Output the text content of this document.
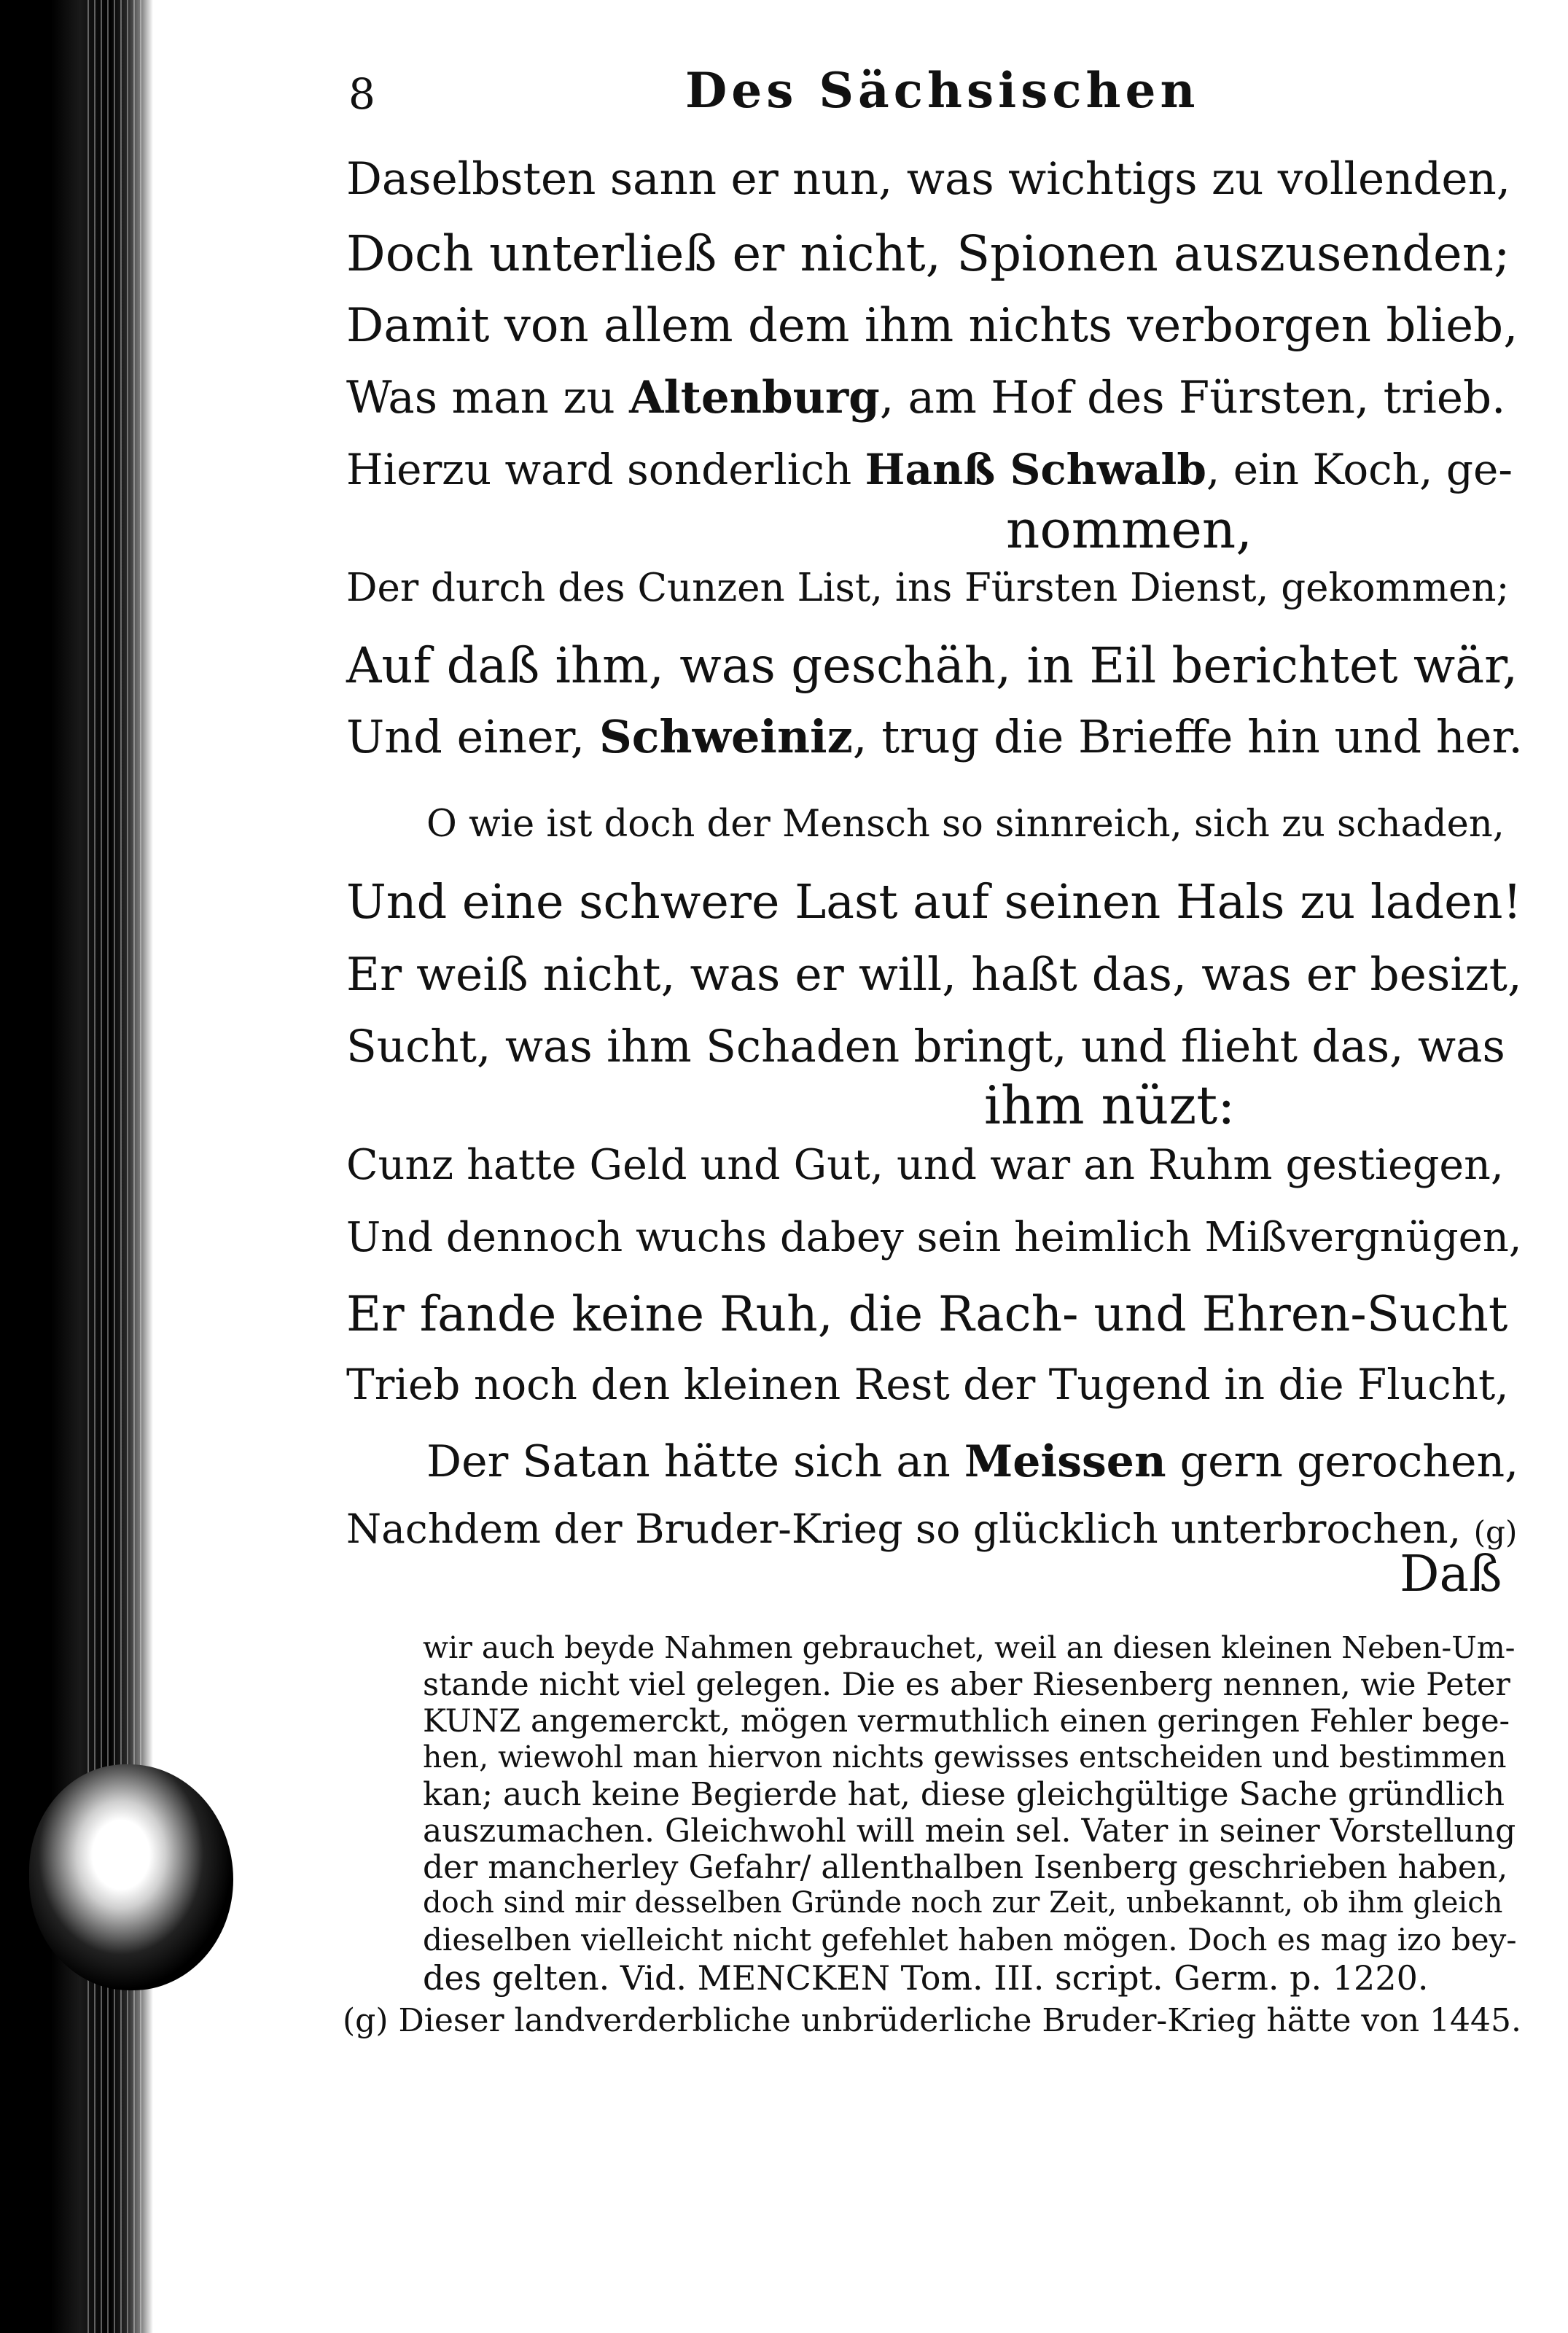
8	Des Sächsischen
Daselbsten sann er nun, was wichtigs zu vollenden,
Doch unterließ er nicht, Spionen auszusenden;
Damit von allem dem ihm nichts verborgen blieb,
Was man zu Altenburg, am Hof des Fürsten, trieb.
Hierzu ward sonderlich Hanß Schwalb, ein Koch, ge-
nommen,
Der durch des Cunzen List, ins Fürsten Dienst, gekommen;
Auf daß ihm, was geschäh, in Eil berichtet wär,
Und einer, Schweiniz, trug die Brieffe hin und her.
O wie ist doch der Mensch so sinnreich, sich zu schaden,
Und eine schwere Last auf seinen Hals zu laden!
Er weiß nicht, was er will, haßt das, was er besizt,
Sucht, was ihm Schaden bringt, und flieht das, was
ihm nüzt:
Cunz hatte Geld und Gut, und war an Ruhm gestiegen,
Und dennoch wuchs dabey sein heimlich Mißvergnügen,
Er fande keine Ruh, die Rach- und Ehren-Sucht
Trieb noch den kleinen Rest der Tugend in die Flucht,
Der Satan hätte sich an Meissen gern gerochen,
Nachdem der Bruder-Krieg so glücklich unterbrochen, (g)
Daß
wir auch beyde Nahmen gebrauchet, weil an diesen kleinen Neben-Um-
stande nicht viel gelegen. Die es aber Riesenberg nennen, wie Peter
KUNZ angemerckt, mögen vermuthlich einen geringen Fehler bege-
hen, wiewohl man hiervon nichts gewisses entscheiden und bestimmen
kan; auch keine Begierde hat, diese gleichgültige Sache gründlich
auszumachen. Gleichwohl will mein sel. Vater in seiner Vorstellung
der mancherley Gefahr/ allenthalben Isenberg geschrieben haben,
doch sind mir desselben Gründe noch zur Zeit, unbekannt, ob ihm gleich
dieselben vielleicht nicht gefehlet haben mögen. Doch es mag izo bey-
des gelten. Vid. MENCKEN Tom. III. script. Germ. p. 1220.
(g) Dieser landverderbliche unbrüderliche Bruder-Krieg hätte von 1445.
